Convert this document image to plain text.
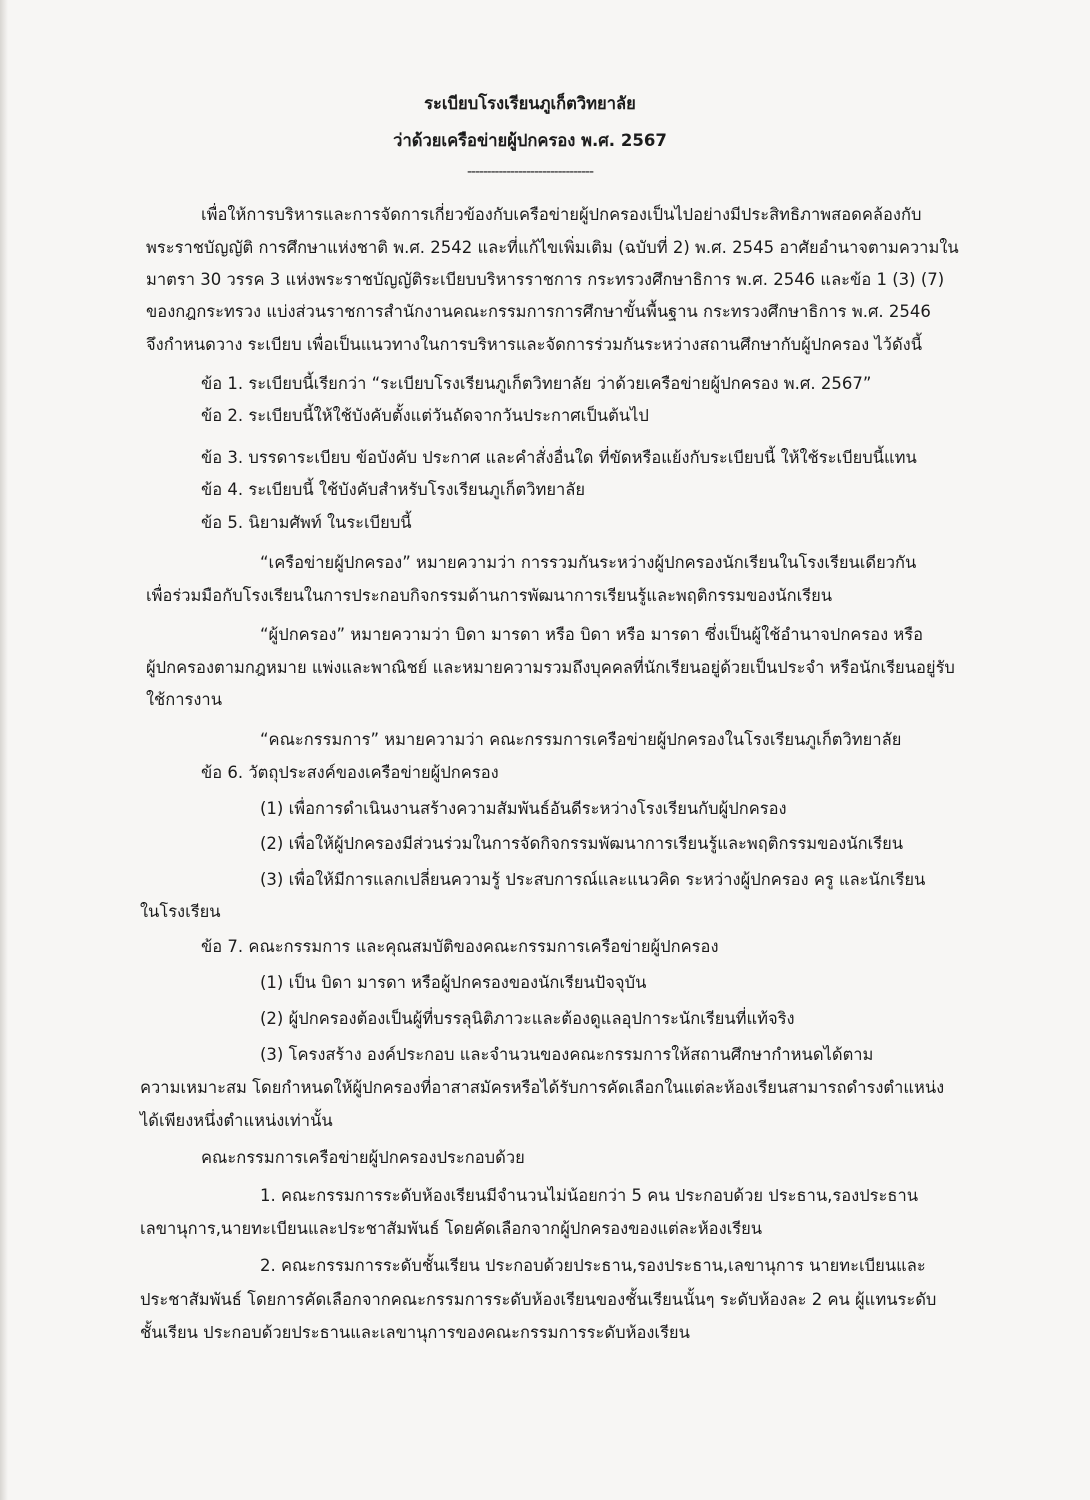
ระเบียบโรงเรียนภูเก็ตวิทยาลัย
ว่าด้วยเครือข่ายผู้ปกครอง พ.ศ. 2567
--------------------------------
เพื่อให้การบริหารและการจัดการเกี่ยวข้องกับเครือข่ายผู้ปกครองเป็นไปอย่างมีประสิทธิภาพสอดคล้องกับ
พระราชบัญญัติ การศึกษาแห่งชาติ พ.ศ. 2542 และที่แก้ไขเพิ่มเติม (ฉบับที่ 2) พ.ศ. 2545 อาศัยอำนาจตามความใน
มาตรา 30 วรรค 3 แห่งพระราชบัญญัติระเบียบบริหารราชการ กระทรวงศึกษาธิการ พ.ศ. 2546 และข้อ 1 (3) (7)
ของกฎกระทรวง แบ่งส่วนราชการสำนักงานคณะกรรมการการศึกษาขั้นพื้นฐาน กระทรวงศึกษาธิการ พ.ศ. 2546
จึงกำหนดวาง ระเบียบ เพื่อเป็นแนวทางในการบริหารและจัดการร่วมกันระหว่างสถานศึกษากับผู้ปกครอง ไว้ดังนี้
ข้อ 1. ระเบียบนี้เรียกว่า “ระเบียบโรงเรียนภูเก็ตวิทยาลัย ว่าด้วยเครือข่ายผู้ปกครอง พ.ศ. 2567”
ข้อ 2. ระเบียบนี้ให้ใช้บังคับตั้งแต่วันถัดจากวันประกาศเป็นต้นไป
ข้อ 3. บรรดาระเบียบ ข้อบังคับ ประกาศ และคำสั่งอื่นใด ที่ขัดหรือแย้งกับระเบียบนี้ ให้ใช้ระเบียบนี้แทน
ข้อ 4. ระเบียบนี้ ใช้บังคับสำหรับโรงเรียนภูเก็ตวิทยาลัย
ข้อ 5. นิยามศัพท์ ในระเบียบนี้
“เครือข่ายผู้ปกครอง” หมายความว่า การรวมกันระหว่างผู้ปกครองนักเรียนในโรงเรียนเดียวกัน
เพื่อร่วมมือกับโรงเรียนในการประกอบกิจกรรมด้านการพัฒนาการเรียนรู้และพฤติกรรมของนักเรียน
“ผู้ปกครอง” หมายความว่า บิดา มารดา หรือ บิดา หรือ มารดา ซึ่งเป็นผู้ใช้อำนาจปกครอง หรือ
ผู้ปกครองตามกฎหมาย แพ่งและพาณิชย์ และหมายความรวมถึงบุคคลที่นักเรียนอยู่ด้วยเป็นประจำ หรือนักเรียนอยู่รับ
ใช้การงาน
“คณะกรรมการ” หมายความว่า คณะกรรมการเครือข่ายผู้ปกครองในโรงเรียนภูเก็ตวิทยาลัย
ข้อ 6. วัตถุประสงค์ของเครือข่ายผู้ปกครอง
(1) เพื่อการดำเนินงานสร้างความสัมพันธ์อันดีระหว่างโรงเรียนกับผู้ปกครอง
(2) เพื่อให้ผู้ปกครองมีส่วนร่วมในการจัดกิจกรรมพัฒนาการเรียนรู้และพฤติกรรมของนักเรียน
(3) เพื่อให้มีการแลกเปลี่ยนความรู้ ประสบการณ์และแนวคิด ระหว่างผู้ปกครอง ครู และนักเรียน
ในโรงเรียน
ข้อ 7. คณะกรรมการ และคุณสมบัติของคณะกรรมการเครือข่ายผู้ปกครอง
(1) เป็น บิดา มารดา หรือผู้ปกครองของนักเรียนปัจจุบัน
(2) ผู้ปกครองต้องเป็นผู้ที่บรรลุนิติภาวะและต้องดูแลอุปการะนักเรียนที่แท้จริง
(3) โครงสร้าง องค์ประกอบ และจำนวนของคณะกรรมการให้สถานศึกษากำหนดได้ตาม
ความเหมาะสม โดยกำหนดให้ผู้ปกครองที่อาสาสมัครหรือได้รับการคัดเลือกในแต่ละห้องเรียนสามารถดำรงตำแหน่ง
ได้เพียงหนึ่งตำแหน่งเท่านั้น
คณะกรรมการเครือข่ายผู้ปกครองประกอบด้วย
1. คณะกรรมการระดับห้องเรียนมีจำนวนไม่น้อยกว่า 5 คน ประกอบด้วย ประธาน,รองประธาน
เลขานุการ,นายทะเบียนและประชาสัมพันธ์ โดยคัดเลือกจากผู้ปกครองของแต่ละห้องเรียน
2. คณะกรรมการระดับชั้นเรียน ประกอบด้วยประธาน,รองประธาน,เลขานุการ นายทะเบียนและ
ประชาสัมพันธ์ โดยการคัดเลือกจากคณะกรรมการระดับห้องเรียนของชั้นเรียนนั้นๆ ระดับห้องละ 2 คน ผู้แทนระดับ
ชั้นเรียน ประกอบด้วยประธานและเลขานุการของคณะกรรมการระดับห้องเรียน
